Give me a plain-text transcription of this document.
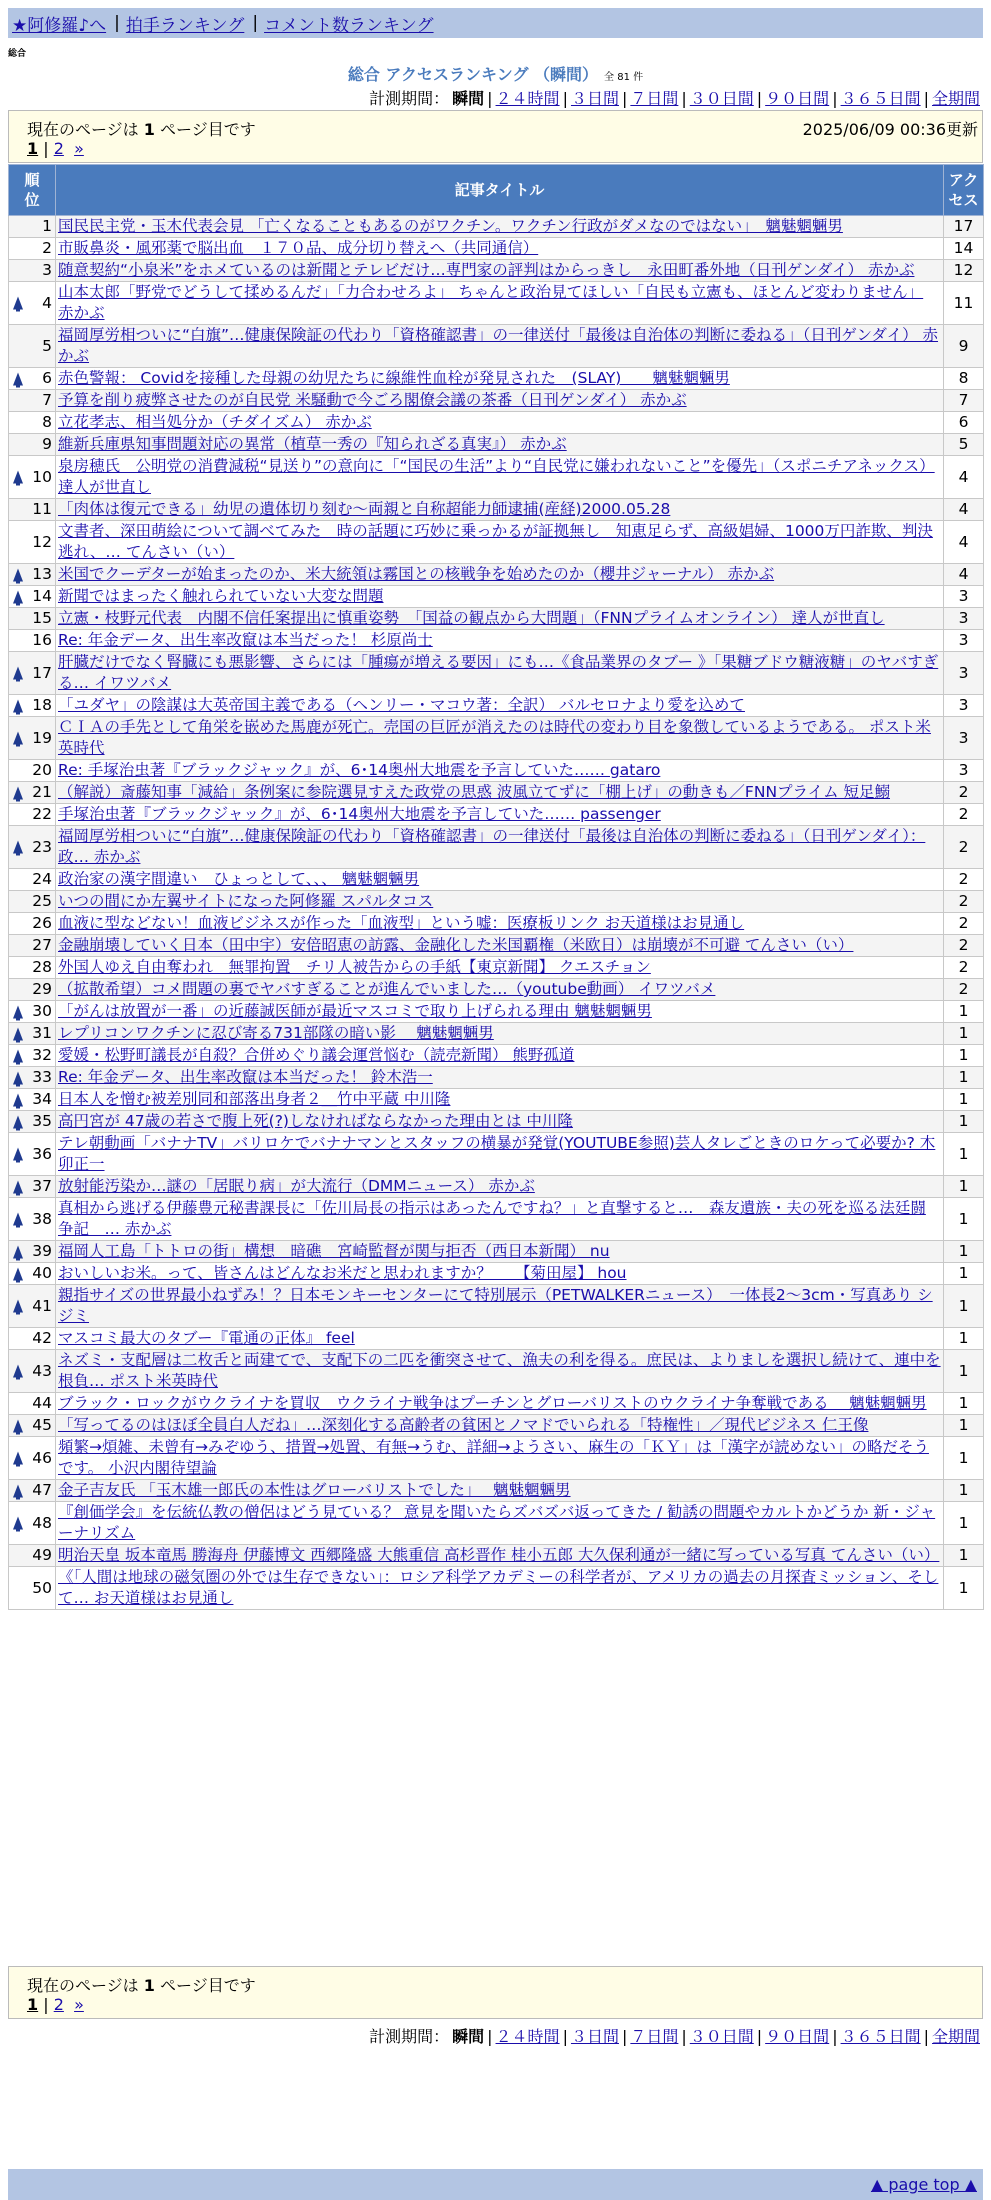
★阿修羅♪へ | 拍手ランキング | コメント数ランキング
総合
総合 アクセスランキング （瞬間） 全 81 件
計測期間： 瞬間 | ２４時間 | ３日間 | ７日間 | ３０日間 | ９０日間 | ３６５日間 | 全期間
現在のページは 1 ページ目です	2025/06/09 00:36更新
1 | 2 »
順位	記事タイトル	アクセス
1	国民民主党・玉木代表会見 「亡くなることもあるのがワクチン。ワクチン行政がダメなのではない」　魑魅魍魎男	17
2	市販鼻炎・風邪薬で脳出血　１７０品、成分切り替えへ（共同通信）	14
3	随意契約“小泉米”をホメているのは新聞とテレビだけ…専門家の評判はからっきし　永田町番外地（日刊ゲンダイ） 赤かぶ	12

4	山本太郎「野党でどうして揉めるんだ」「力合わせろよ」 ちゃんと政治見てほしい「自民も立憲も、ほとんど変わりません」 赤かぶ	11
5	福岡厚労相ついに“白旗”…健康保険証の代わり「資格確認書」の一律送付「最後は自治体の判断に委ねる」（日刊ゲンダイ） 赤かぶ	9

6	赤色警報： Covidを接種した母親の幼児たちに線維性血栓が発見された　(SLAY)　　魑魅魍魎男	8
7	予算を削り疲弊させたのが自民党 米騒動で今ごろ閣僚会議の茶番（日刊ゲンダイ） 赤かぶ	7
8	立花孝志、相当処分か（チダイズム） 赤かぶ	6
9	維新兵庫県知事問題対応の異常（植草一秀の『知られざる真実』） 赤かぶ	5

10	泉房穂氏　公明党の消費減税“見送り”の意向に「“国民の生活”より“自民党に嫌われないこと”を優先」（スポニチアネックス） 達人が世直し	4
11	「肉体は復元できる」幼児の遺体切り刻む～両親と自称超能力師逮捕(産経)2000.05.28	4
12	文書者、深田萌絵について調べてみた　時の話題に巧妙に乗っかるが証拠無し　知恵足らず、高級娼婦、1000万円詐欺、判決逃れ、… てんさい（い）	4

13	米国でクーデターが始まったのか、米大統領は霧国との核戦争を始めたのか（櫻井ジャーナル） 赤かぶ	4

14	新聞ではまったく触れられていない大変な問題	3
15	立憲・枝野元代表　内閣不信任案提出に慎重姿勢　「国益の観点から大問題」（FNNプライムオンライン） 達人が世直し	3
16	Re: 年金データ、出生率改竄は本当だった！ 杉原尚士	3

17	肝臓だけでなく腎臓にも悪影響、さらには「腫瘍が増える要因」にも…《食品業界のタブー 》「果糖ブドウ糖液糖」のヤバすぎる… イワツバメ	3

18	「ユダヤ」の陰謀は大英帝国主義である（ヘンリー・マコウ著：全訳） バルセロナより愛を込めて	3

19	ＣＩＡの手先として角栄を嵌めた馬鹿が死亡。売国の巨匠が消えたのは時代の変わり目を象徴しているようである。 ポスト米英時代	3
20	Re: 手塚治虫著『ブラックジャック』が、6･14奥州大地震を予言していた…… gataro	3

21	（解説）斎藤知事「減給」条例案に参院選見すえた政党の思惑 波風立てずに「棚上げ」の動きも／FNNプライム 短足鰯	2
22	手塚治虫著『ブラックジャック』が、6･14奥州大地震を予言していた…… passenger	2

23	福岡厚労相ついに“白旗”…健康保険証の代わり「資格確認書」の一律送付「最後は自治体の判断に委ねる」（日刊ゲンダイ）：政… 赤かぶ	2
24	政治家の漢字間違い　ひょっとして、、、 魑魅魍魎男	2
25	いつの間にか左翼サイトになった阿修羅 スパルタコス	2
26	血液に型などない！血液ビジネスが作った「血液型」という嘘：医療板リンク お天道様はお見通し	2
27	金融崩壊していく日本（田中宇）安倍昭恵の訪露、金融化した米国覇権（米欧日）は崩壊が不可避 てんさい（い）	2
28	外国人ゆえ自由奪われ　無罪拘置　チリ人被告からの手紙【東京新聞】 クエスチョン	2
29	（拡散希望）コメ問題の裏でヤバすぎることが進んでいました…（youtube動画） イワツバメ	2

30	「がんは放置が一番」の近藤誠医師が最近マスコミで取り上げられる理由 魑魅魍魎男	1

31	レプリコンワクチンに忍び寄る731部隊の暗い影　 魑魅魍魎男	1

32	愛媛・松野町議長が自殺？合併めぐり議会運営悩む（読売新聞） 熊野孤道	1

33	Re: 年金データ、出生率改竄は本当だった！ 鈴木浩一	1

34	日本人を憎む被差別同和部落出身者２＿竹中平蔵 中川隆	1

35	高円宮が 47歳の若さで腹上死(?)しなければならなかった理由とは 中川隆	1

36	テレ朝動画「バナナTV」バリロケでバナナマンとスタッフの横暴が発覚(YOUTUBE参照)芸人タレごときのロケって必要か? 木卯正一	1

37	放射能汚染か…謎の「居眠り病」が大流行（DMMニュース） 赤かぶ	1

38	真相から逃げる伊藤豊元秘書課長に「佐川局長の指示はあったんですね？」と直撃すると…　森友遺族・夫の死を巡る法廷闘争記　… 赤かぶ	1

39	福岡人工島「トトロの街」構想　暗礁　宮崎監督が関与拒否（西日本新聞） nu	1

40	おいしいお米。って、皆さんはどんなお米だと思われますか？　　【菊田屋】 hou	1

41	親指サイズの世界最小ねずみ！？日本モンキーセンターにて特別展示（PETWALKERニュース）　一体長2～3cm・写真あり シジミ	1
42	マスコミ最大のタブー『電通の正体』 feel	1

43	ネズミ・支配層は二枚舌と両建てで、支配下の二匹を衝突させて、漁夫の利を得る。庶民は、よりましを選択し続けて、連中を根負… ポスト米英時代	1
44	ブラック・ロックがウクライナを買収　ウクライナ戦争はプーチンとグローバリストのウクライナ争奪戦である　 魑魅魍魎男	1

45	「写ってるのはほぼ全員白人だね」…深刻化する高齢者の貧困とノマドでいられる「特権性」／現代ビジネス 仁王像	1

46	頻繁→煩雑、未曾有→みぞゆう、措置→処置、有無→うむ、詳細→ようさい、麻生の「ＫＹ」は「漢字が読めない」の略だそうです。 小沢内閣待望論	1

47	金子吉友氏 「玉木雄一郎氏の本性はグローバリストでした」　 魑魅魍魎男	1

48	『創価学会』を伝統仏教の僧侶はどう見ている？ 意見を聞いたらズバズバ返ってきた / 勧誘の問題やカルトかどうか 新・ジャーナリズム	1
49	明治天皇 坂本竜馬 勝海舟 伊藤博文 西郷隆盛 大熊重信 高杉晋作 桂小五郎 大久保利通が一緒に写っている写真 てんさい（い）	1
50	《「人間は地球の磁気圏の外では生存できない」：ロシア科学アカデミーの科学者が、アメリカの過去の月探査ミッション、そして… お天道様はお見通し	1
現在のページは 1 ページ目です
1 | 2 »
計測期間： 瞬間 | ２４時間 | ３日間 | ７日間 | ３０日間 | ９０日間 | ３６５日間 | 全期間
▲ page top ▲
